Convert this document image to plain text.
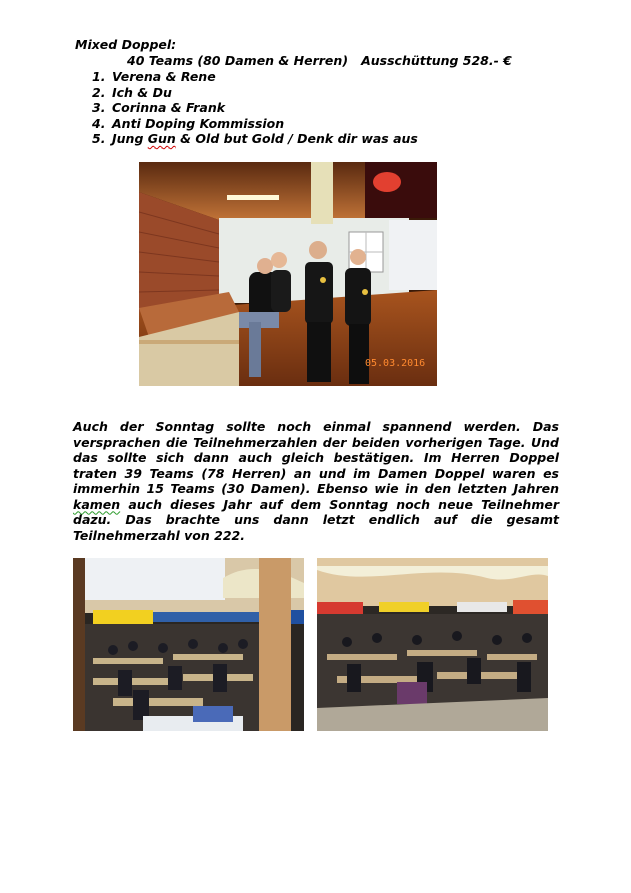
Mixed Doppel:
40 Teams (80 Damen & Herren)   Ausschüttung 528.- €
1. Verena & Rene
2. Ich & Du
3. Corinna & Frank
4. Anti Doping Kommission
5. Jung Gun & Old but Gold / Denk dir was aus
05.03.2016
Auch der Sonntag sollte noch einmal spannend werden. Das versprachen die Teilnehmerzahlen der beiden vorherigen Tage. Und das sollte sich dann auch gleich bestätigen. Im Herren Doppel traten 39 Teams (78 Herren) an und im Damen Doppel waren es immerhin 15 Teams (30 Damen). Ebenso wie in den letzten Jahren kamen auch dieses Jahr auf dem Sonntag noch neue Teilnehmer dazu. Das brachte uns dann letzt endlich auf die gesamt Teilnehmerzahl von 222.
